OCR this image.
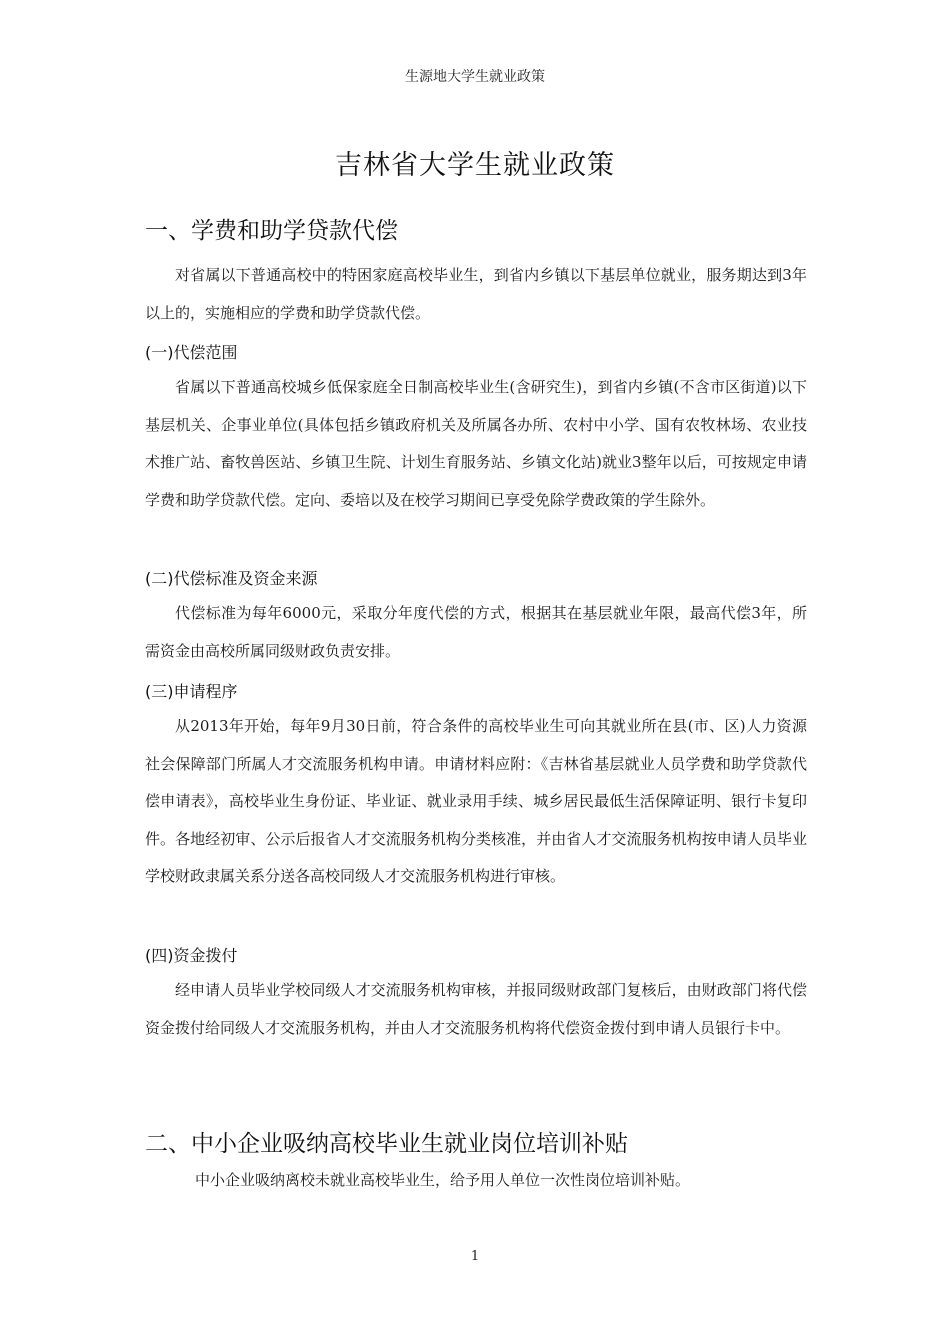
生源地大学生就业政策
吉林省大学生就业政策
一、学费和助学贷款代偿

对省属以下普通高校中的特困家庭高校毕业生，到省内乡镇以下基层单位就业，服务期达到3年以上的，实施相应的学费和助学贷款代偿。

(一)代偿范围

省属以下普通高校城乡低保家庭全日制高校毕业生(含研究生)，到省内乡镇(不含市区街道)以下基层机关、企事业单位(具体包括乡镇政府机关及所属各办所、农村中小学、国有农牧林场、农业技术推广站、畜牧兽医站、乡镇卫生院、计划生育服务站、乡镇文化站)就业3整年以后，可按规定申请学费和助学贷款代偿。定向、委培以及在校学习期间已享受免除学费政策的学生除外。

(二)代偿标准及资金来源

代偿标准为每年6000元，采取分年度代偿的方式，根据其在基层就业年限，最高代偿3年，所需资金由高校所属同级财政负责安排。

(三)申请程序

从2013年开始，每年9月30日前，符合条件的高校毕业生可向其就业所在县(市、区)人力资源社会保障部门所属人才交流服务机构申请。申请材料应附：《吉林省基层就业人员学费和助学贷款代偿申请表》，高校毕业生身份证、毕业证、就业录用手续、城乡居民最低生活保障证明、银行卡复印件。各地经初审、公示后报省人才交流服务机构分类核准，并由省人才交流服务机构按申请人员毕业学校财政隶属关系分送各高校同级人才交流服务机构进行审核。

(四)资金拨付

经申请人员毕业学校同级人才交流服务机构审核，并报同级财政部门复核后，由财政部门将代偿资金拨付给同级人才交流服务机构，并由人才交流服务机构将代偿资金拨付到申请人员银行卡中。

二、中小企业吸纳高校毕业生就业岗位培训补贴

中小企业吸纳离校未就业高校毕业生，给予用人单位一次性岗位培训补贴。

1
